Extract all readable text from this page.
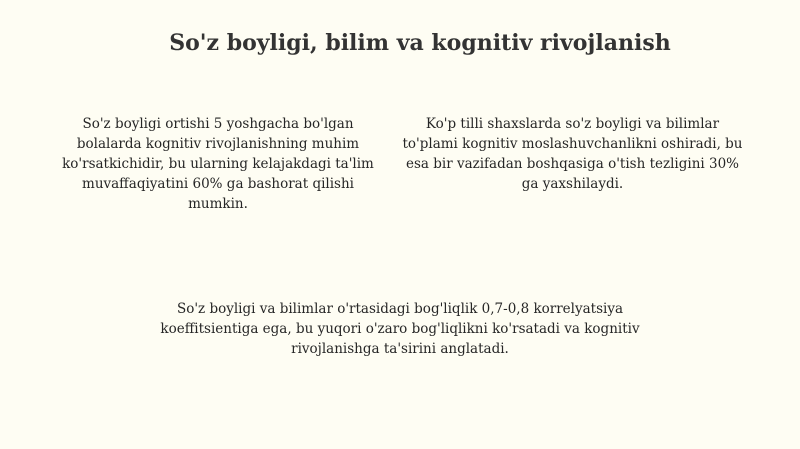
So'z boyligi, bilim va kognitiv rivojlanish

So'z boyligi ortishi 5 yoshgacha bo'lgan bolalarda kognitiv rivojlanishning muhim ko'rsatkichidir, bu ularning kelajakdagi ta'lim muvaffaqiyatini 60% ga bashorat qilishi mumkin.

Ko'p tilli shaxslarda so'z boyligi va bilimlar to'plami kognitiv moslashuvchanlikni oshiradi, bu esa bir vazifadan boshqasiga o'tish tezligini 30% ga yaxshilaydi.

So'z boyligi va bilimlar o'rtasidagi bog'liqlik 0,7-0,8 korrelyatsiya koeffitsientiga ega, bu yuqori o'zaro bog'liqlikni ko'rsatadi va kognitiv rivojlanishga ta'sirini anglatadi.
